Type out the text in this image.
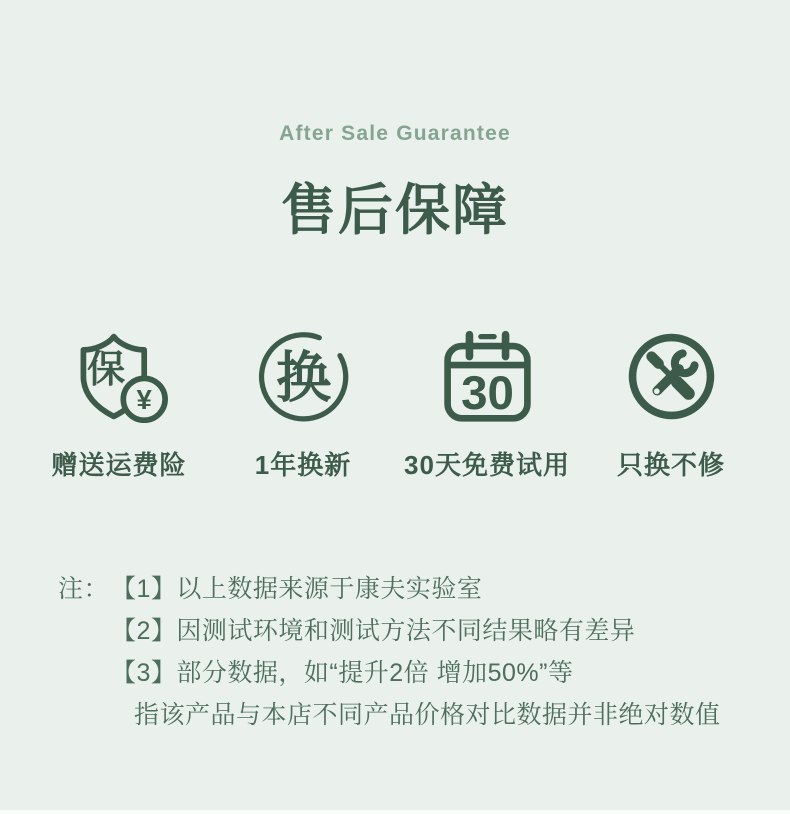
After Sale Guarantee
售后保障
保
¥
赠送运费险
换
1年换新
30
30天免费试用 只换不修
注： 【1】以上数据来源于康夫实验室
【2】因测试环境和测试方法不同结果略有差异
【3】部分数据，如“提升2倍 增加50%”等
指该产品与本店不同产品价格对比数据并非绝对数值
